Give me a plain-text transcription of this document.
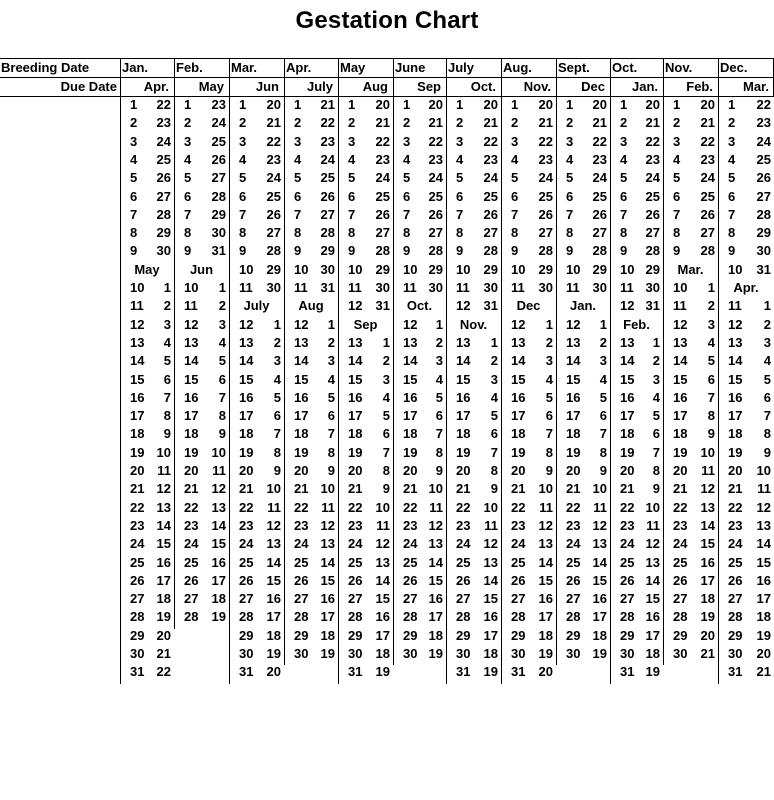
Gestation Chart
Breeding Date
Due Date
Jan.
Apr.
1 22
2 23
3 24
4 25
5 26
6 27
7 28
8 29
9 30
May
10 1
11 2
12 3
13 4
14 5
15 6
16 7
17 8
18 9
19 10
20 11
21 12
22 13
23 14
24 15
25 16
26 17
27 18
28 19
29 20
30 21
31 22
Feb.
May
1 23
2 24
3 25
4 26
5 27
6 28
7 29
8 30
9 31
Jun
10 1
11 2
12 3
13 4
14 5
15 6
16 7
17 8
18 9
19 10
20 11
21 12
22 13
23 14
24 15
25 16
26 17
27 18
28 19
Mar.
Jun
1 20
2 21
3 22
4 23
5 24
6 25
7 26
8 27
9 28
10 29
11 30
July
12 1
13 2
14 3
15 4
16 5
17 6
18 7
19 8
20 9
21 10
22 11
23 12
24 13
25 14
26 15
27 16
28 17
29 18
30 19
31 20
Apr.
July
1 21
2 22
3 23
4 24
5 25
6 26
7 27
8 28
9 29
10 30
11 31
Aug
12 1
13 2
14 3
15 4
16 5
17 6
18 7
19 8
20 9
21 10
22 11
23 12
24 13
25 14
26 15
27 16
28 17
29 18
30 19
May
Aug
1 20
2 21
3 22
4 23
5 24
6 25
7 26
8 27
9 28
10 29
11 30
12 31
Sep
13 1
14 2
15 3
16 4
17 5
18 6
19 7
20 8
21 9
22 10
23 11
24 12
25 13
26 14
27 15
28 16
29 17
30 18
31 19
June
Sep
1 20
2 21
3 22
4 23
5 24
6 25
7 26
8 27
9 28
10 29
11 30
Oct.
12 1
13 2
14 3
15 4
16 5
17 6
18 7
19 8
20 9
21 10
22 11
23 12
24 13
25 14
26 15
27 16
28 17
29 18
30 19
July
Oct.
1 20
2 21
3 22
4 23
5 24
6 25
7 26
8 27
9 28
10 29
11 30
12 31
Nov.
13 1
14 2
15 3
16 4
17 5
18 6
19 7
20 8
21 9
22 10
23 11
24 12
25 13
26 14
27 15
28 16
29 17
30 18
31 19
Aug.
Nov.
1 20
2 21
3 22
4 23
5 24
6 25
7 26
8 27
9 28
10 29
11 30
Dec
12 1
13 2
14 3
15 4
16 5
17 6
18 7
19 8
20 9
21 10
22 11
23 12
24 13
25 14
26 15
27 16
28 17
29 18
30 19
31 20
Sept.
Dec
1 20
2 21
3 22
4 23
5 24
6 25
7 26
8 27
9 28
10 29
11 30
Jan.
12 1
13 2
14 3
15 4
16 5
17 6
18 7
19 8
20 9
21 10
22 11
23 12
24 13
25 14
26 15
27 16
28 17
29 18
30 19
Oct.
Jan.
1 20
2 21
3 22
4 23
5 24
6 25
7 26
8 27
9 28
10 29
11 30
12 31
Feb.
13 1
14 2
15 3
16 4
17 5
18 6
19 7
20 8
21 9
22 10
23 11
24 12
25 13
26 14
27 15
28 16
29 17
30 18
31 19
Nov.
Feb.
1 20
2 21
3 22
4 23
5 24
6 25
7 26
8 27
9 28
Mar.
10 1
11 2
12 3
13 4
14 5
15 6
16 7
17 8
18 9
19 10
20 11
21 12
22 13
23 14
24 15
25 16
26 17
27 18
28 19
29 20
30 21
Dec.
Mar.
1 22
2 23
3 24
4 25
5 26
6 27
7 28
8 29
9 30
10 31
Apr.
11 1
12 2
13 3
14 4
15 5
16 6
17 7
18 8
19 9
20 10
21 11
22 12
23 13
24 14
25 15
26 16
27 17
28 18
29 19
30 20
31 21
